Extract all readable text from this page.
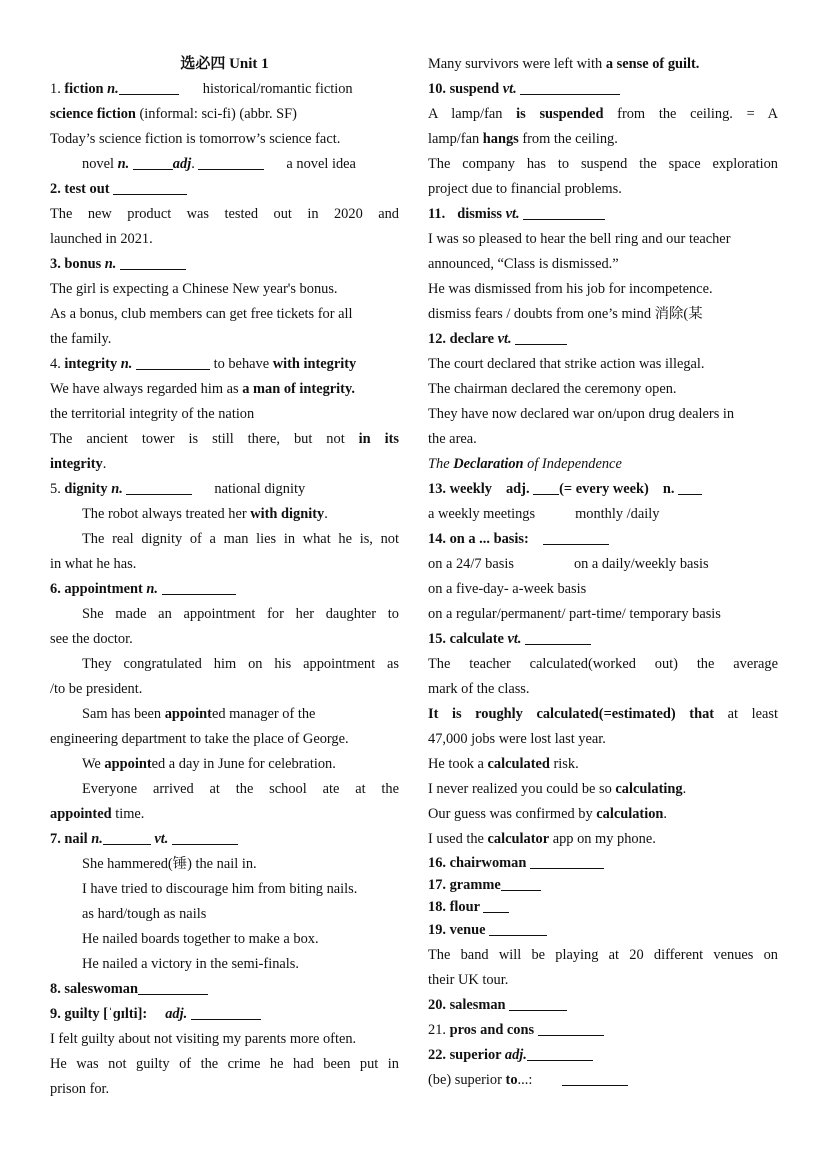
选必四 Unit 1
1. fiction n.	historical/romantic fiction
science fiction (informal: sci-fi) (abbr. SF)
Today’s science fiction is tomorrow’s science fact.
novel n.	adj.	a novel idea
2. test out
The new product was tested out in 2020 and
launched in 2021.
3. bonus n.
The girl is expecting a Chinese New year's bonus.
As a bonus, club members can get free tickets for all
the family.
4. integrity n.	to behave with integrity
We have always regarded him as a man of integrity.
the territorial integrity of the nation
The ancient tower is still there, but not in its
integrity.
5. dignity n.	national dignity
The robot always treated her with dignity.
The real dignity of a man lies in what he is, not
in what he has.
6. appointment n.
She made an appointment for her daughter to
see the doctor.
They congratulated him on his appointment as
/to be president.
Sam has been appointed manager of the
engineering department to take the place of George.
We appointed a day in June for celebration.
Everyone arrived at the school ate at the
appointed time.
7. nail n.	vt.
She hammered(锤) the nail in.
I have tried to discourage him from biting nails.
as hard/tough as nails
He nailed boards together to make a box.
He nailed a victory in the semi-finals.
8. saleswoman
9. guilty [ˈɡɪlti]: adj.
I felt guilty about not visiting my parents more often.
He was not guilty of the crime he had been put in
prison for.
Many survivors were left with a sense of guilt.
10. suspend vt.
A lamp/fan is suspended from the ceiling. = A
lamp/fan hangs from the ceiling.
The company has to suspend the space exploration
project due to financial problems.
11. dismiss vt.
I was so pleased to hear the bell ring and our teacher
announced, “Class is dismissed.”
He was dismissed from his job for incompetence.
dismiss fears / doubts from one’s mind 消除(某
12. declare vt.
The court declared that strike action was illegal.
The chairman declared the ceremony open.
They have now declared war on/upon drug dealers in
the area.
The Declaration of Independence
13. weekly adj. (= every week) n.
a weekly meetings	monthly /daily
14. on a ... basis:
on a 24/7 basis	on a daily/weekly basis
on a five-day- a-week basis
on a regular/permanent/ part-time/ temporary basis
15. calculate vt.
The teacher calculated(worked out) the average
mark of the class.
It is roughly calculated(=estimated) that at least
47,000 jobs were lost last year.
He took a calculated risk.
I never realized you could be so calculating.
Our guess was confirmed by calculation.
I used the calculator app on my phone.
16. chairwoman
17. gramme
18. flour
19. venue
The band will be playing at 20 different venues on
their UK tour.
20. salesman
21. pros and cons
22. superior adj.
(be) superior to...:
